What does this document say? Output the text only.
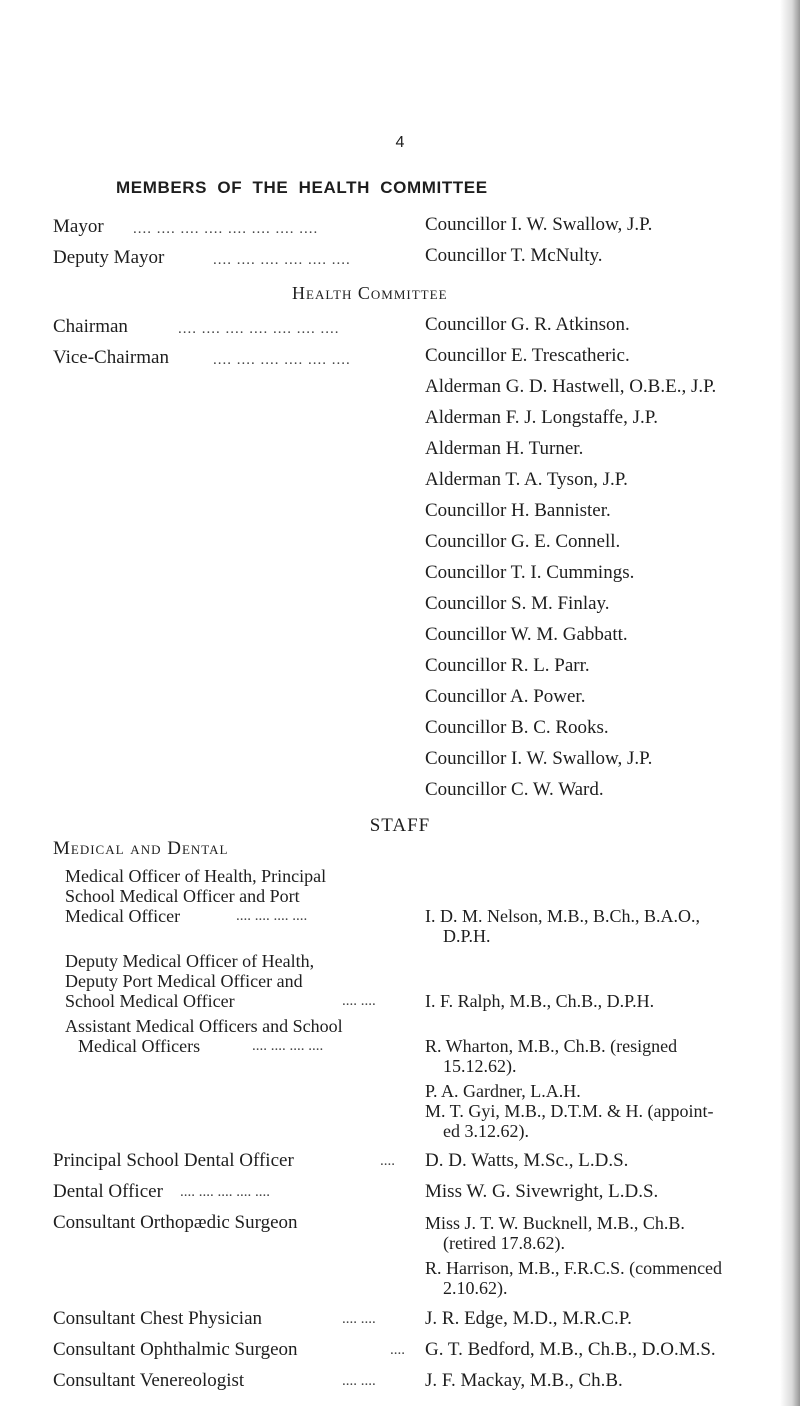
4
MEMBERS OF THE HEALTH COMMITTEE
Mayor .... .... .... .... .... .... .... ....	Councillor I. W. Swallow, J.P.
Deputy Mayor	.... .... .... .... .... ....	Councillor T. McNulty.
Health Committee
Chairman	.... .... .... .... .... .... ....	Councillor G. R. Atkinson.
Vice-Chairman	.... .... .... .... .... ....	Councillor E. Trescatheric.
Alderman G. D. Hastwell, O.B.E., J.P.
Alderman F. J. Longstaffe, J.P.
Alderman H. Turner.
Alderman T. A. Tyson, J.P.
Councillor H. Bannister.
Councillor G. E. Connell.
Councillor T. I. Cummings.
Councillor S. M. Finlay.
Councillor W. M. Gabbatt.
Councillor R. L. Parr.
Councillor A. Power.
Councillor B. C. Rooks.
Councillor I. W. Swallow, J.P.
Councillor C. W. Ward.
STAFF
Medical and Dental
Medical Officer of Health, Principal
School Medical Officer and Port
Medical Officer	.... .... .... ....	I. D. M. Nelson, M.B., B.Ch., B.A.O.,
D.P.H.
Deputy Medical Officer of Health,
Deputy Port Medical Officer and
School Medical Officer	.... ....	I. F. Ralph, M.B., Ch.B., D.P.H.
Assistant Medical Officers and School
Medical Officers	.... .... .... ....	R. Wharton, M.B., Ch.B. (resigned
15.12.62).
P. A. Gardner, L.A.H.
M. T. Gyi, M.B., D.T.M. & H. (appoint-
ed 3.12.62).
Principal School Dental Officer	.... D. D. Watts, M.Sc., L.D.S.
Dental Officer .... .... .... .... ....	Miss W. G. Sivewright, L.D.S.
Consultant Orthopædic Surgeon	Miss J. T. W. Bucknell, M.B., Ch.B.
(retired 17.8.62).
R. Harrison, M.B., F.R.C.S. (commenced
2.10.62).
Consultant Chest Physician	.... ....	J. R. Edge, M.D., M.R.C.P.
Consultant Ophthalmic Surgeon	.... G. T. Bedford, M.B., Ch.B., D.O.M.S.
Consultant Venereologist	.... ....	J. F. Mackay, M.B., Ch.B.
